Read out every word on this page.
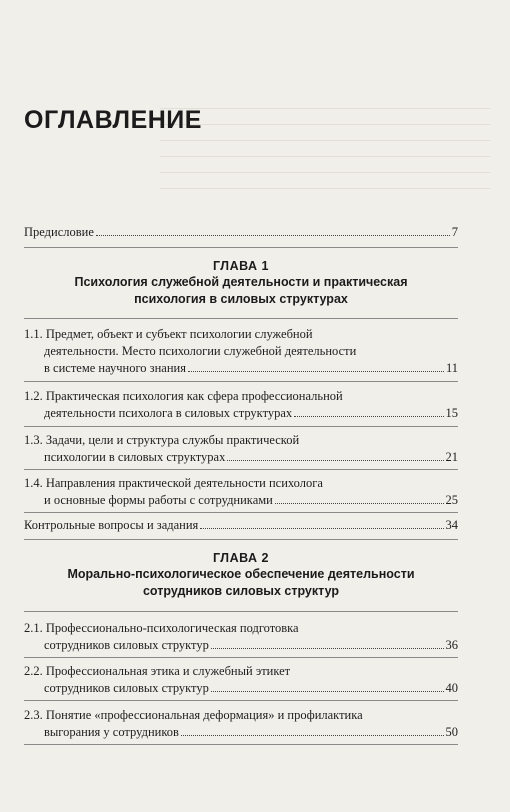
ОГЛАВЛЕНИЕ
Предисловие	7
ГЛАВА 1
Психология служебной деятельности и практическая
психология в силовых структурах
1.1. Предмет, объект и субъект психологии служебной
деятельности. Место психологии служебной деятельности
в системе научного знания	11
1.2. Практическая психология как сфера профессиональной
деятельности психолога в силовых структурах	15
1.3. Задачи, цели и структура службы практической
психологии в силовых структурах	21
1.4. Направления практической деятельности психолога
и основные формы работы с сотрудниками	25
Контрольные вопросы и задания	34
ГЛАВА 2
Морально-психологическое обеспечение деятельности
сотрудников силовых структур
2.1. Профессионально-психологическая подготовка
сотрудников силовых структур	36
2.2. Профессиональная этика и служебный этикет
сотрудников силовых структур	40
2.3. Понятие «профессиональная деформация» и профилактика
выгорания у сотрудников	50
